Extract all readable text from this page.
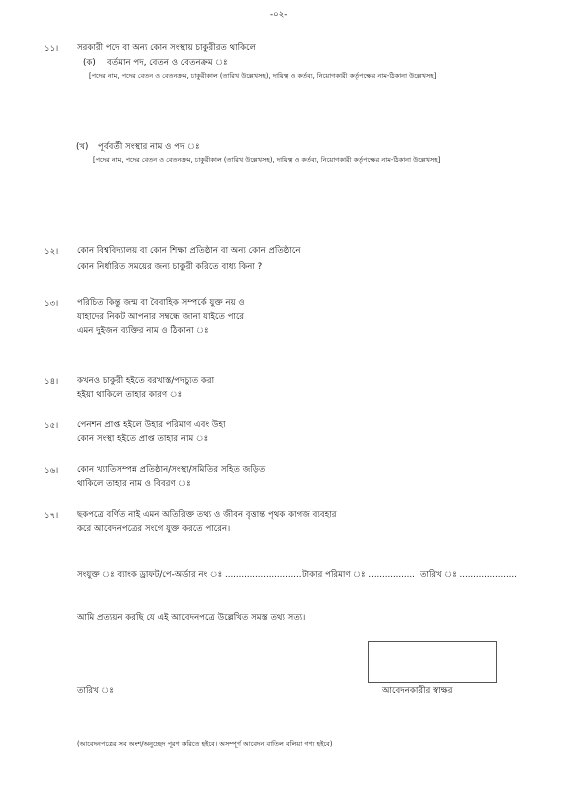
-০২-
১১। সরকারী পদে বা অন্য কোন সংস্থায় চাকুরীরত থাকিলে
(ক) বর্তমান পদ, বেতন ও বেতনক্রম ঃ
[পদের নাম, পদের বেতন ও বেতনক্রম, চাকুরীকাল (তারিখ উল্লেখসহ), দায়িত্ব ও কর্তব্য, নিয়োগকারী কর্তৃপক্ষের নাম-ঠিকানা উল্লেখসহ]
(খ) পূর্ববর্তী সংস্থার নাম ও পদ ঃ
[পদের নাম, পদের বেতন ও বেতনক্রম, চাকুরীকাল (তারিখ উল্লেখসহ), দায়িত্ব ও কর্তব্য, নিয়োগকারী কর্তৃপক্ষের নাম-ঠিকানা উল্লেখসহ]
১২। কোন বিশ্ববিদ্যালয় বা কোন শিক্ষা প্রতিষ্ঠান বা অন্য কোন প্রতিষ্ঠানে
কোন নির্ধারিত সময়ের জন্য চাকুরী করিতে বাধ্য কিনা ?
১৩। পরিচিত কিন্তু জন্ম বা বৈবাহিক সম্পর্কে যুক্ত নয় ও
যাহাদের নিকট আপনার সম্বন্ধে জানা যাইতে পারে
এমন দুইজন ব্যক্তির নাম ও ঠিকানা ঃ
১৪। কখনও চাকুরী হইতে বরখাস্ত/পদচ্যুত করা
হইয়া থাকিলে তাহার কারণ ঃ
১৫। পেনশন প্রাপ্ত হইলে উহার পরিমাণ এবং উহা
কোন সংস্থা হইতে প্রাপ্ত তাহার নাম ঃ
১৬। কোন খ্যাতিসম্পন্ন প্রতিষ্ঠান/সংস্থা/সমিতির সহিত জড়িত
থাকিলে তাহার নাম ও বিবরণ ঃ
১৭। ছকপত্রে বর্ণিত নাই এমন অতিরিক্ত তথ্য ও জীবন বৃত্তান্ত পৃথক কাগজ ব্যবহার
করে আবেদনপত্রের সংগে যুক্ত করতে পারেন।
সংযুক্ত ঃ ব্যাংক ড্রাফট/পে-অর্ডার নং ঃ ............................ টাকার পরিমাণ ঃ ................. তারিখ ঃ .....................
আমি প্রত্যয়ন করছি যে এই আবেদনপত্রে উল্লেখিত সমস্ত তথ্য সত্য।
তারিখ ঃ	আবেদনকারীর স্বাক্ষর
(আবেদনপত্রের সব অংশ/অনুচ্ছেদ পূরণ করিতে হইবে। অসম্পূর্ণ আবেদন বাতিল বলিয়া গণ্য হইবে)
